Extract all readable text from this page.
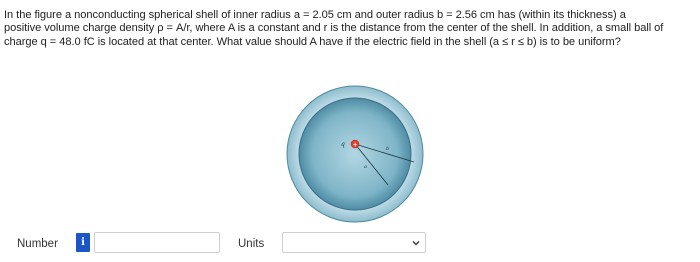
In the figure a nonconducting spherical shell of inner radius a = 2.05 cm and outer radius b = 2.56 cm has (within its thickness) a
positive volume charge density ρ = A/r, where A is a constant and r is the distance from the center of the shell. In addition, a small ball of
charge q = 48.0 fC is located at that center. What value should A have if the electric field in the shell (a ≤ r ≤ b) is to be uniform?
b
a
q +
Number	i	Units
